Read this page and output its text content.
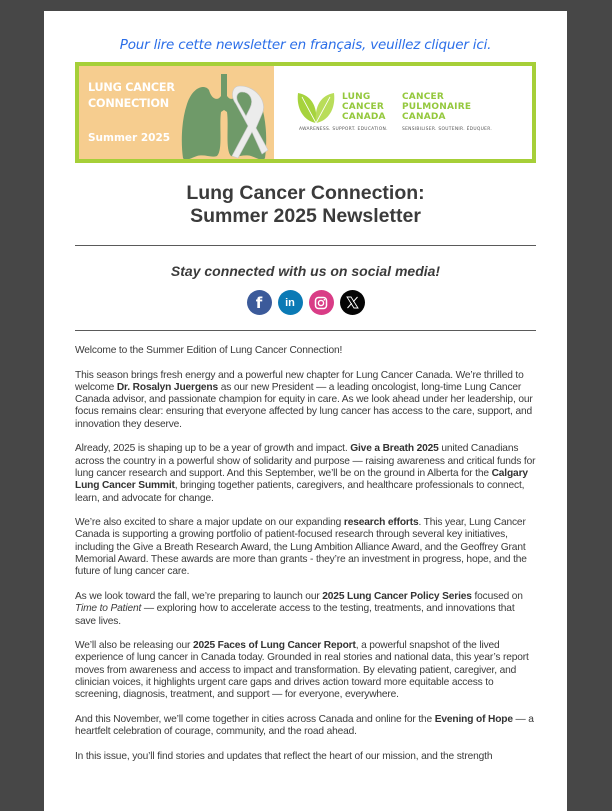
Pour lire cette newsletter en français, veuillez cliquer ici.
LUNG CANCER
CONNECTION
Summer 2025
LUNG
CANCER
CANADA
CANCER
PULMONAIRE
CANADA
AWARENESS. SUPPORT. EDUCATION.	SENSIBILISER. SOUTENIR. ÉDUQUER.
Lung Cancer Connection:
Summer 2025 Newsletter
Stay connected with us on social media!
f in

Welcome to the Summer Edition of Lung Cancer Connection!

This season brings fresh energy and a powerful new chapter for Lung Cancer Canada. We’re thrilled to welcome Dr. Rosalyn Juergens as our new President — a leading oncologist, long-time Lung Cancer Canada advisor, and passionate champion for equity in care. As we look ahead under her leadership, our focus remains clear: ensuring that everyone affected by lung cancer has access to the care, support, and innovation they deserve.

Already, 2025 is shaping up to be a year of growth and impact. Give a Breath 2025 united Canadians across the country in a powerful show of solidarity and purpose — raising awareness and critical funds for lung cancer research and support. And this September, we’ll be on the ground in Alberta for the Calgary Lung Cancer Summit, bringing together patients, caregivers, and healthcare professionals to connect, learn, and advocate for change.

We’re also excited to share a major update on our expanding research efforts. This year, Lung Cancer Canada is supporting a growing portfolio of patient-focused research through several key initiatives, including the Give a Breath Research Award, the Lung Ambition Alliance Award, and the Geoffrey Grant Memorial Award. These awards are more than grants - they’re an investment in progress, hope, and the future of lung cancer care.

As we look toward the fall, we’re preparing to launch our 2025 Lung Cancer Policy Series focused on Time to Patient — exploring how to accelerate access to the testing, treatments, and innovations that save lives.

We’ll also be releasing our 2025 Faces of Lung Cancer Report, a powerful snapshot of the lived experience of lung cancer in Canada today. Grounded in real stories and national data, this year’s report moves from awareness and access to impact and transformation. By elevating patient, caregiver, and clinician voices, it highlights urgent care gaps and drives action toward more equitable access to screening, diagnosis, treatment, and support — for everyone, everywhere.

And this November, we’ll come together in cities across Canada and online for the Evening of Hope — a heartfelt celebration of courage, community, and the road ahead.

In this issue, you’ll find stories and updates that reflect the heart of our mission, and the strength
